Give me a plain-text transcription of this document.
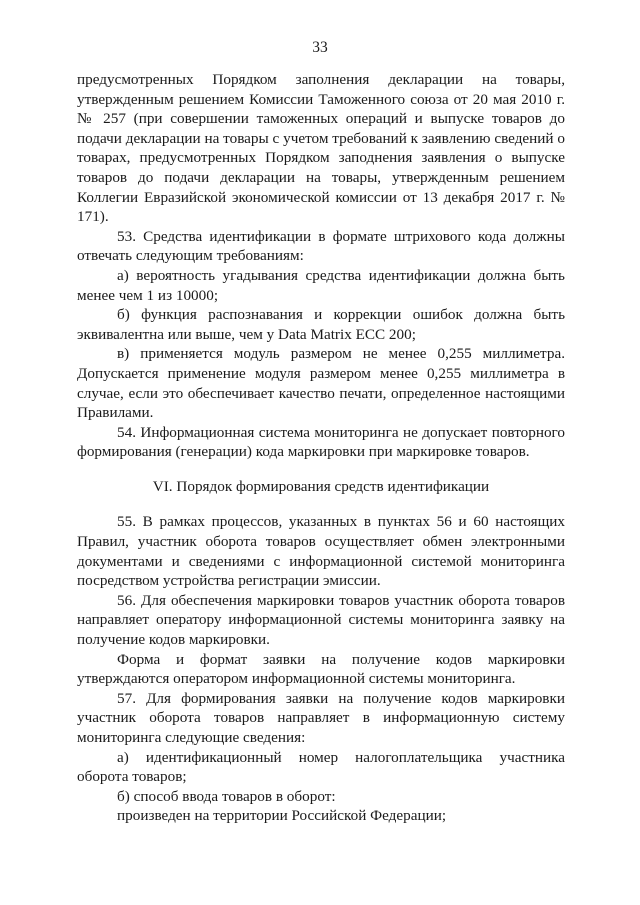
33

предусмотренных Порядком заполнения декларации на товары, утвержденным решением Комиссии Таможенного союза от 20 мая 2010 г. № 257 (при совершении таможенных операций и выпуске товаров до подачи декларации на товары с учетом требований к заявлению сведений о товарах, предусмотренных Порядком заподнения заявления о выпуске товаров до подачи декларации на товары, утвержденным решением Коллегии Евразийской экономической комиссии от 13 декабря 2017 г. № 171).

53. Средства идентификации в формате штрихового кода должны отвечать следующим требованиям:

а) вероятность угадывания средства идентификации должна быть менее чем 1 из 10000;

б) функция распознавания и коррекции ошибок должна быть эквивалентна или выше, чем у Data Matrix ЕСС 200;

в) применяется модуль размером не менее 0,255 миллиметра. Допускается применение модуля размером менее 0,255 миллиметра в случае, если это обеспечивает качество печати, определенное настоящими Правилами.

54. Информационная система мониторинга не допускает повторного формирования (генерации) кода маркировки при маркировке товаров.

VI. Порядок формирования средств идентификации

55. В рамках процессов, указанных в пунктах 56 и 60 настоящих Правил, участник оборота товаров осуществляет обмен электронными документами и сведениями с информационной системой мониторинга посредством устройства регистрации эмиссии.

56. Для обеспечения маркировки товаров участник оборота товаров направляет оператору информационной системы мониторинга заявку на получение кодов маркировки.

Форма и формат заявки на получение кодов маркировки утверждаются оператором информационной системы мониторинга.

57. Для формирования заявки на получение кодов маркировки участник оборота товаров направляет в информационную систему мониторинга следующие сведения:

а) идентификационный номер налогоплательщика участника оборота товаров;

б) способ ввода товаров в оборот:

произведен на территории Российской Федерации;
